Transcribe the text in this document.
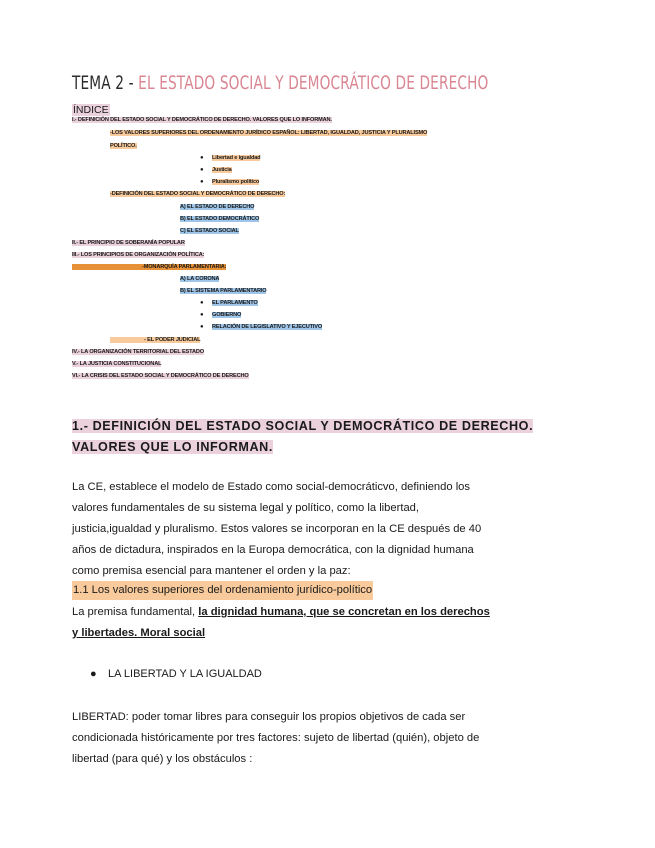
TEMA 2 - EL ESTADO SOCIAL Y DEMOCRÁTICO DE DERECHO
ÍNDICE
I.- DEFINICIÓN DEL ESTADO SOCIAL Y DEMOCRÁTICO DE DERECHO. VALORES QUE LO INFORMAN.
-LOS VALORES SUPERIORES DEL ORDENAMIENTO JURÍDICO ESPAÑOL: LIBERTAD, IGUALDAD, JUSTICIA Y PLURALISMO
POLÍTICO.
● Libertad e igualdad
● Justicia
● Pluralismo político
-DEFINICIÓN DEL ESTADO SOCIAL Y DEMOCRÁTICO DE DERECHO:
A) EL ESTADO DE DERECHO
B) EL ESTADO DEMOCRÁTICO
C) EL ESTADO SOCIAL
II.- EL PRINCIPIO DE SOBERANÍA POPULAR
III.- LOS PRINCIPIOS DE ORGANIZACIÓN POLÍTICA:
-MONARQUÍA PARLAMENTARIA:
A) LA CORONA
B) EL SISTEMA PARLAMENTARIO
● EL PARLAMENTO
● GOBIERNO
● RELACIÓN DE LEGISLATIVO Y EJECUTIVO
- EL PODER JUDICIAL
IV.- LA ORGANIZACIÓN TERRITORIAL DEL ESTADO
V.- LA JUSTICIA CONSTITUCIONAL
VI.- LA CRISIS DEL ESTADO SOCIAL Y DEMOCRÁTICO DE DERECHO
1.- DEFINICIÓN DEL ESTADO SOCIAL Y DEMOCRÁTICO DE DERECHO.
VALORES QUE LO INFORMAN.
La CE, establece el modelo de Estado como social-democráticvo, definiendo los
valores fundamentales de su sistema legal y político, como la libertad,
justicia,igualdad y pluralismo. Estos valores se incorporan en la CE después de 40
años de dictadura, inspirados en la Europa democrática, con la dignidad humana
como premisa esencial para mantener el orden y la paz:
1.1 Los valores superiores del ordenamiento jurídico-político
La premisa fundamental, la dignidad humana, que se concretan en los derechos
y libertades. Moral social
● LA LIBERTAD Y LA IGUALDAD
LIBERTAD: poder tomar libres para conseguir los propios objetivos de cada ser
condicionada históricamente por tres factores: sujeto de libertad (quién), objeto de
libertad (para qué) y los obstáculos :
